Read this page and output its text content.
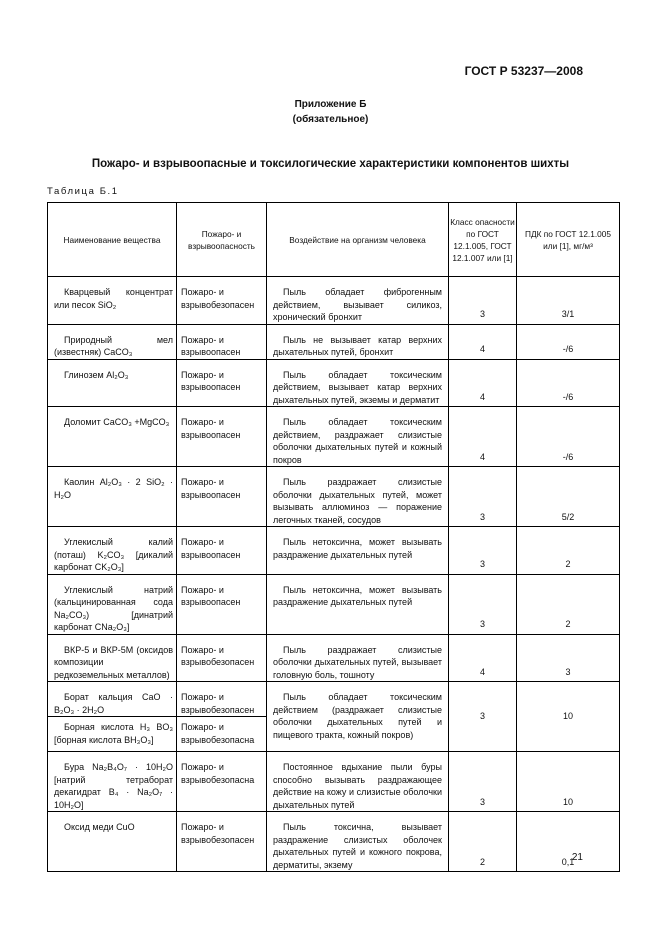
ГОСТ Р 53237—2008
Приложение Б
(обязательное)
Пожаро- и взрывоопасные и токсилогические характеристики компонентов шихты
Таблица Б.1
Наименование вещества	Пожаро- и взрывоопасность	Воздействие на организм человека	Класс опасности по ГОСТ 12.1.005, ГОСТ 12.1.007 или [1]	ПДК по ГОСТ 12.1.005 или [1], мг/м³

Кварцевый концентрат или песок SiO₂	Пожаро- и взрывобезопасен	Пыль обладает фиброгенным действием, вызывает силикоз, хронический бронхит	3	3/1

Природный мел (известняк) CaCO₃	Пожаро- и взрывоопасен	Пыль не вызывает катар верхних дыхательных путей, бронхит	4	-/6

Глинозем Al₂O₃	Пожаро- и взрывоопасен	Пыль обладает токсическим действием, вызывает катар верхних дыхательных путей, экземы и дерматит	4	-/6

Доломит CaCO₃ +MgCO₃	Пожаро- и взрывоопасен	Пыль обладает токсическим действием, раздражает слизистые оболочки дыхательных путей и кожный покров	4	-/6

Каолин Al₂O₃ · 2 SiO₂ · H₂O	Пожаро- и взрывоопасен	Пыль раздражает слизистые оболочки дыхательных путей, может вызывать аллюминоз — поражение легочных тканей, сосудов	3	5/2

Углекислый калий (поташ) K₂CO₃ [дикалий карбонат CK₂O₃]	Пожаро- и взрывоопасен	Пыль нетоксична, может вызывать раздражение дыхательных путей	3	2

Углекислый натрий (кальцинированная сода Na₂CO₃) [динатрий карбонат CNa₂O₃]	Пожаро- и взрывоопасен	Пыль нетоксична, может вызывать раздражение дыхательных путей	3	2

ВКР-5 и ВКР-5М (оксидов композиции редкоземельных металлов)	Пожаро- и взрывобезопасен	Пыль раздражает слизистые оболочки дыхательных путей, вызывает головную боль, тошноту	4	3

Борат кальция CaO · B₂O₃ · 2H₂O	Пожаро- и взрывобезопасен	Пыль обладает токсическим действием (раздражает слизистые оболочки дыхательных путей и пищевого тракта, кожный покров)	3	10

Борная кислота H₃ BO₃ [борная кислота BH₃O₃]	Пожаро- и взрывобезопасна			

Бура Na₂B₄O₇ · 10H₂O [натрий тетраборат декагидрат B₄ · Na₂O₇ · 10H₂O]	Пожаро- и взрывобезопасна	Постоянное вдыхание пыли буры способно вызывать раздражающее действие на кожу и слизистые оболочки дыхательных путей	3	10

Оксид меди CuO	Пожаро- и взрывобезопасен	Пыль токсична, вызывает раздражение слизистых оболочек дыхательных путей и кожного покрова, дерматиты, экзему	2	0,1
21
